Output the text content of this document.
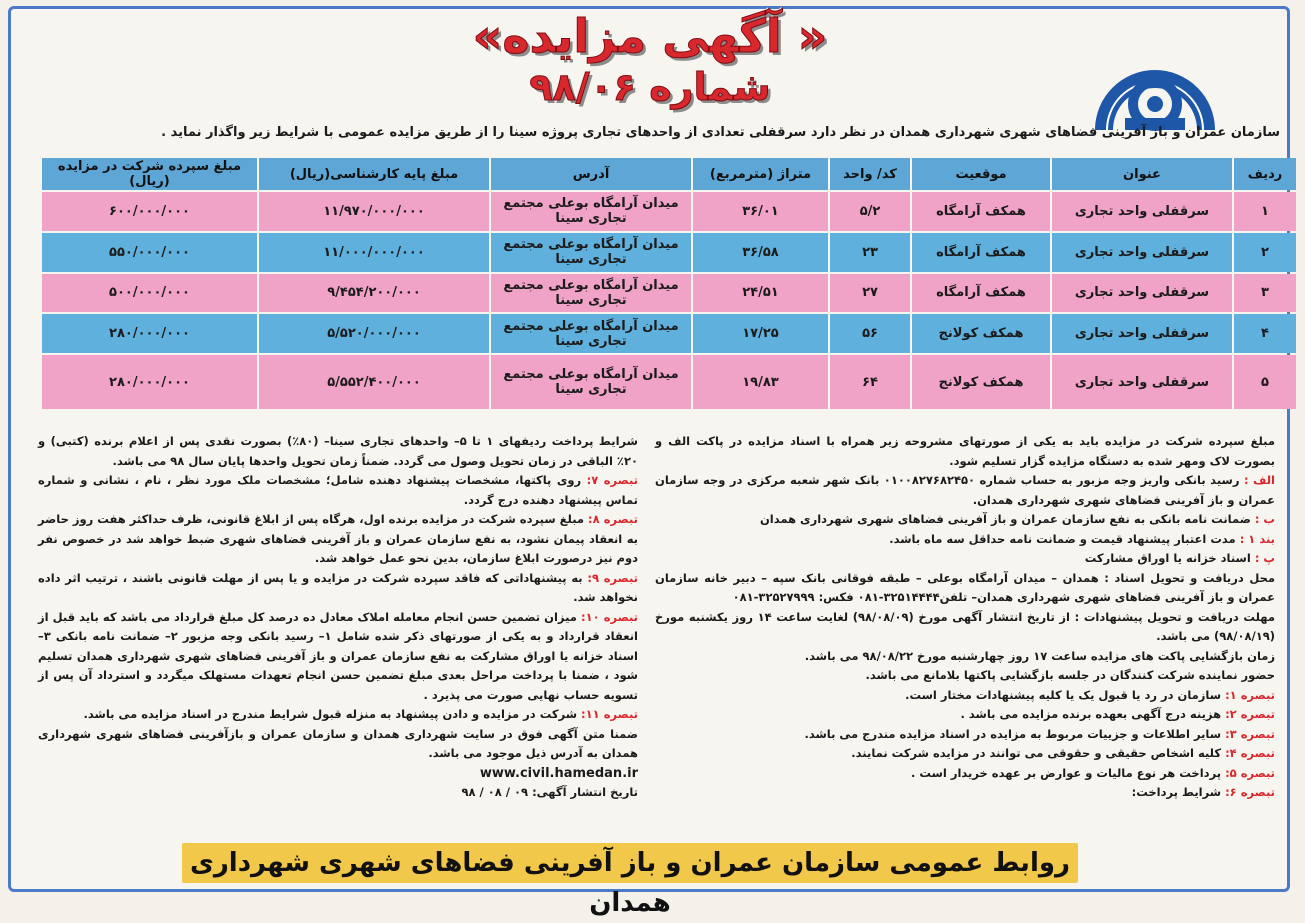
« آگهی مزایده»
شماره ۹۸/۰۶
سازمان عمران و باز آفرینی فضاهای شهری شهرداری همدان در نظر دارد سرقفلی تعدادی از واحدهای تجاری پروژه سینا را از طریق مزایده عمومی با شرایط زیر واگذار نماید .
ردیف	عنوان	موقعیت	کد/ واحد	متراژ (مترمربع)	آدرس	مبلغ پایه کارشناسی(ریال)	مبلغ سپرده شرکت در مزایده (ریال)
۱	سرقفلی واحد تجاری	همکف آرامگاه	۵/۲	۳۶/۰۱	میدان آرامگاه بوعلی مجتمع تجاری سینا	۱۱/۹۷۰/۰۰۰/۰۰۰	۶۰۰/۰۰۰/۰۰۰
۲	سرقفلی واحد تجاری	همکف آرامگاه	۲۳	۳۶/۵۸	میدان آرامگاه بوعلی مجتمع تجاری سینا	۱۱/۰۰۰/۰۰۰/۰۰۰	۵۵۰/۰۰۰/۰۰۰
۳	سرقفلی واحد تجاری	همکف آرامگاه	۲۷	۲۴/۵۱	میدان آرامگاه بوعلی مجتمع تجاری سینا	۹/۴۵۴/۲۰۰/۰۰۰	۵۰۰/۰۰۰/۰۰۰
۴	سرقفلی واحد تجاری	همکف کولانج	۵۶	۱۷/۲۵	میدان آرامگاه بوعلی مجتمع تجاری سینا	۵/۵۲۰/۰۰۰/۰۰۰	۲۸۰/۰۰۰/۰۰۰
۵	سرقفلی واحد تجاری	همکف کولانج	۶۴	۱۹/۸۳	میدان آرامگاه بوعلی مجتمع تجاری سینا	۵/۵۵۲/۴۰۰/۰۰۰	۲۸۰/۰۰۰/۰۰۰

مبلغ سپرده شرکت در مزایده باید به یکی از صورتهای مشروحه زیر همراه با اسناد مزایده در پاکت الف و بصورت لاک ومهر شده به دستگاه مزایده گزار تسلیم شود.

الف : رسید بانکی واریز وجه مزبور به حساب شماره ۰۱۰۰۸۲۷۶۸۲۴۵۰ بانک شهر شعبه مرکزی در وجه سازمان عمران و باز آفرینی فضاهای شهری شهرداری همدان.

ب : ضمانت نامه بانکی به نفع سازمان عمران و باز آفرینی فضاهای شهری شهرداری همدان

بند ۱ : مدت اعتبار پیشنهاد قیمت و ضمانت نامه حداقل سه ماه باشد.

پ : اسناد خزانه یا اوراق مشارکت

محل دریافت و تحویل اسناد : همدان – میدان آرامگاه بوعلی – طبقه فوقانی بانک سپه – دبیر خانه سازمان عمران و باز آفرینی فضاهای شهری شهرداری همدان– تلفن۳۲۵۱۴۴۴۴-۰۸۱ فکس: ۳۲۵۲۷۹۹۹-۰۸۱

مهلت دریافت و تحویل پیشنهادات : از تاریخ انتشار آگهی مورخ (۹۸/۰۸/۰۹) لغایت ساعت ۱۴ روز یکشنبه مورخ (۹۸/۰۸/۱۹) می باشد.

زمان بازگشایی پاکت های مزایده ساعت ۱۷ روز چهارشنبه مورخ ۹۸/۰۸/۲۲ می باشد.

حضور نماینده شرکت کنندگان در جلسه بازگشایی پاکتها بلامانع می باشد.

تبصره ۱: سازمان در رد یا قبول یک یا کلیه پیشنهادات مختار است.

تبصره ۲: هزینه درج آگهی بعهده برنده مزایده می باشد .

تبصره ۳: سایر اطلاعات و جزییات مربوط به مزایده در اسناد مزایده مندرج می باشد.

تبصره ۴: کلیه اشخاص حقیقی و حقوقی می توانند در مزایده شرکت نمایند.

تبصره ۵: پرداخت هر نوع مالیات و عوارض بر عهده خریدار است .

تبصره ۶: شرایط پرداخت:

شرایط پرداخت ردیفهای ۱ تا ۵– واحدهای تجاری سینا– (۸۰٪) بصورت نقدی پس از اعلام برنده (کتبی) و ۲۰٪ الباقی در زمان تحویل وصول می گردد. ضمناً زمان تحویل واحدها پایان سال ۹۸ می باشد.

تبصره ۷: روی پاکتها، مشخصات پیشنهاد دهنده شامل؛ مشخصات ملک مورد نظر ، نام ، نشانی و شماره تماس پیشنهاد دهنده درج گردد.

تبصره ۸: مبلغ سپرده شرکت در مزایده برنده اول، هرگاه پس از ابلاغ قانونی، ظرف حداکثر هفت روز حاضر به انعقاد پیمان نشود، به نفع سازمان عمران و باز آفرینی فضاهای شهری ضبط خواهد شد در خصوص نفر دوم نیز درصورت ابلاغ سازمان، بدین نحو عمل خواهد شد.

تبصره ۹: به پیشنهاداتی که فاقد سپرده شرکت در مزایده و یا پس از مهلت قانونی باشند ، ترتیب اثر داده نخواهد شد.

تبصره ۱۰: میزان تضمین حسن انجام معامله املاک معادل ده درصد کل مبلغ قرارداد می باشد که باید قبل از انعقاد قرارداد و به یکی از صورتهای ذکر شده شامل ۱– رسید بانکی وجه مزبور ۲– ضمانت نامه بانکی ۳– اسناد خزانه یا اوراق مشارکت به نفع سازمان عمران و باز آفرینی فضاهای شهری شهرداری همدان تسلیم شود ، ضمنا با پرداخت مراحل بعدی مبلغ تضمین حسن انجام تعهدات مستهلک میگردد و استرداد آن پس از تسویه حساب نهایی صورت می پذیرد .

تبصره ۱۱: شرکت در مزایده و دادن پیشنهاد به منزله قبول شرایط مندرج در اسناد مزایده می باشد.

ضمنا متن آگهی فوق در سایت شهرداری همدان و سازمان عمران و بازآفرینی فضاهای شهری شهرداری همدان به آدرس ذیل موجود می باشد.

www.civil.hamedan.ir

تاریخ انتشار آگهی: ۰۹ / ۰۸ / ۹۸

روابط عمومی سازمان عمران و باز آفرینی فضاهای شهری شهرداری همدان
